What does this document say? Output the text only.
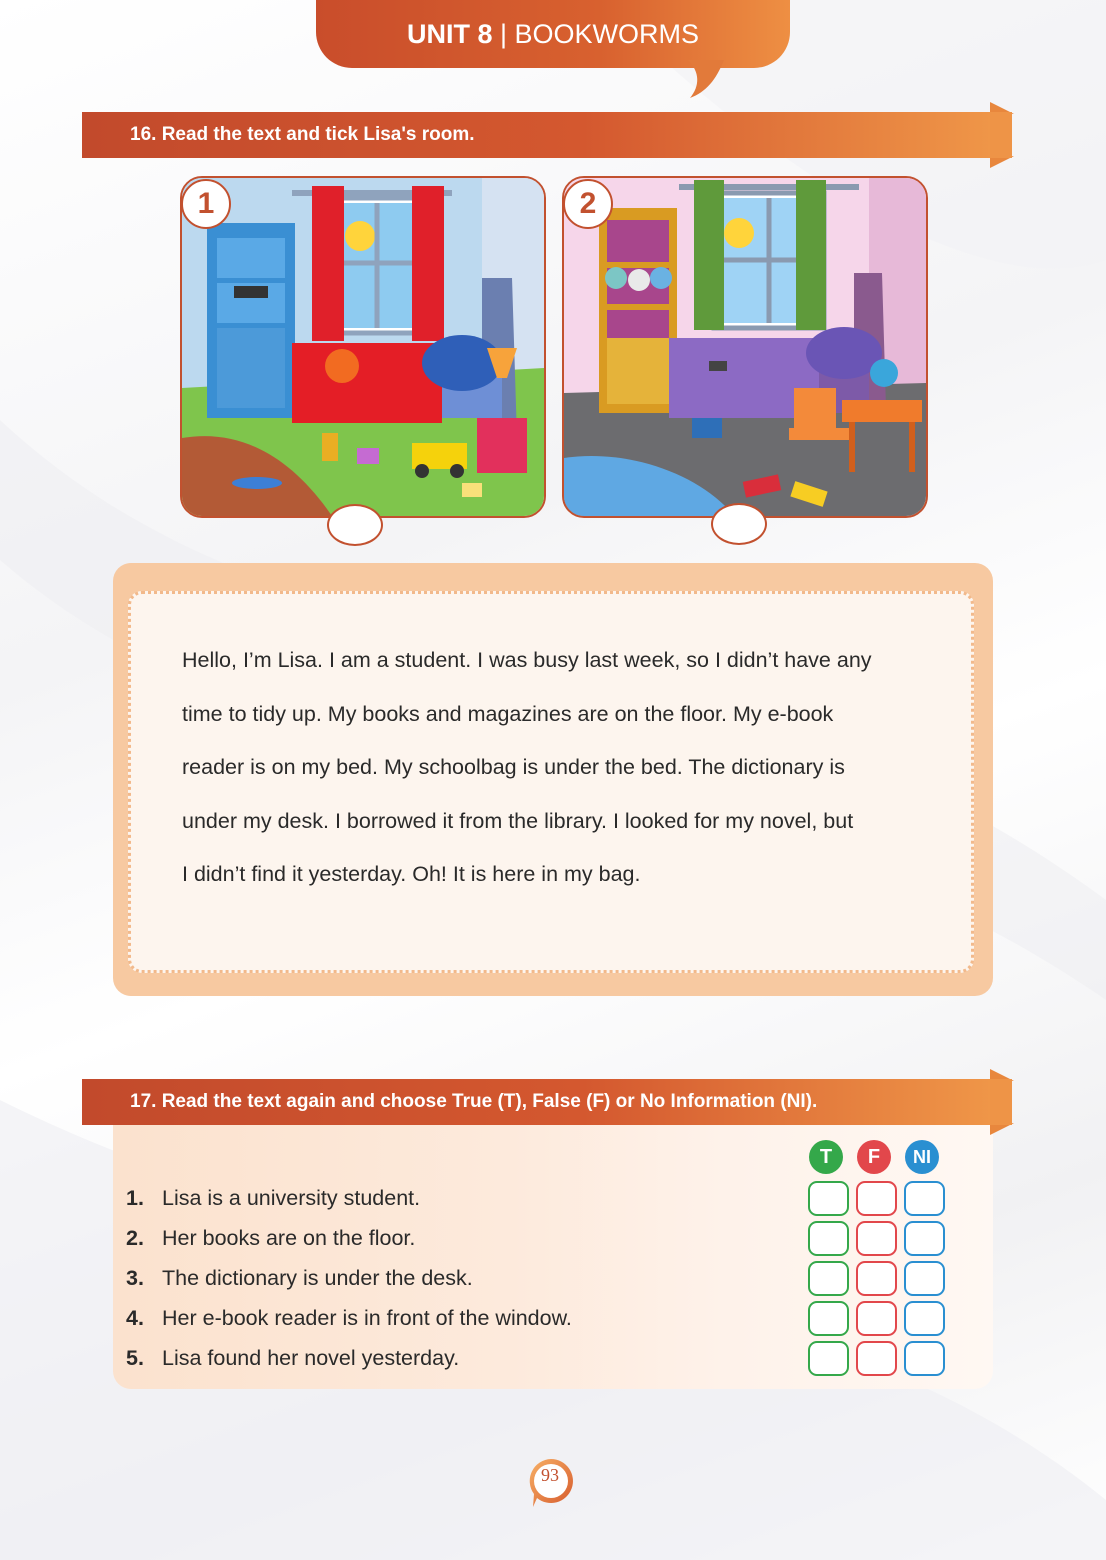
UNIT 8 | BOOKWORMS
16. Read the text and tick Lisa's room.
1	2
Hello, I’m Lisa. I am a student. I was busy last week, so I didn’t have any
time to tidy up. My books and magazines are on the floor. My e-book
reader is on my bed. My schoolbag is under the bed. The dictionary is
under my desk. I borrowed it from the library. I looked for my novel, but
I didn’t find it yesterday. Oh! It is here in my bag.
17. Read the text again and choose True (T), False (F) or No Information (NI).
T	F	NI
1. Lisa is a university student.
2. Her books are on the floor.
3. The dictionary is under the desk.
4. Her e-book reader is in front of the window.
5. Lisa found her novel yesterday.
93
